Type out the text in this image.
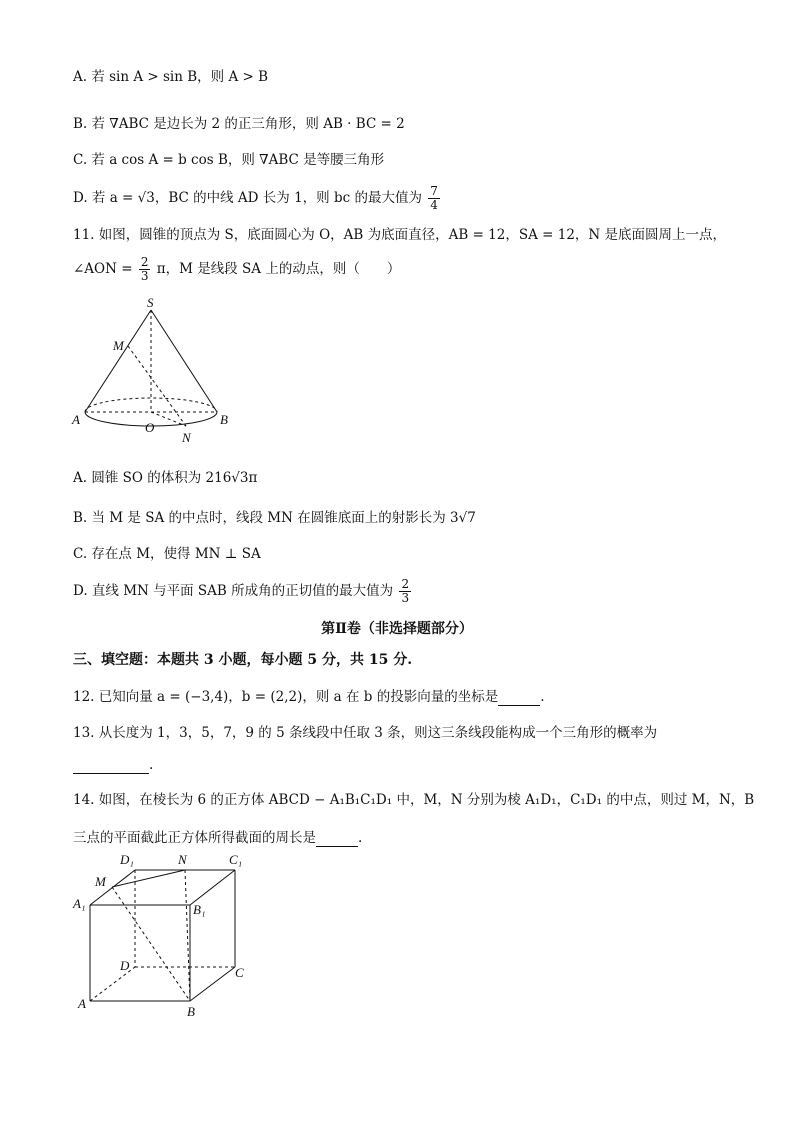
A. 若 sin A > sin B，则 A > B
B. 若 ∇ABC 是边长为 2 的正三角形，则 AB · BC = 2
C. 若 a cos A = b cos B，则 ∇ABC 是等腰三角形
D. 若 a = √3，BC 的中线 AD 长为 1，则 bc 的最大值为 $\frac{7}{4}$
11. 如图，圆锥的顶点为 S，底面圆心为 O，AB 为底面直径，AB = 12，SA = 12，N 是底面圆周上一点，
∠AON = $\frac{2}{3}$ π，M 是线段 SA 上的动点，则（　　）
S
M
A
O
N
B
A. 圆锥 SO 的体积为 216√3π
B. 当 M 是 SA 的中点时，线段 MN 在圆锥底面上的射影长为 3√7
C. 存在点 M，使得 MN ⊥ SA
D. 直线 MN 与平面 SAB 所成角的正切值的最大值为 $\frac{2}{3}$
第Ⅱ卷（非选择题部分）
三、填空题：本题共 3 小题，每小题 5 分，共 15 分.
12. 已知向量 a = (−3,4)，b = (2,2)，则 a 在 b 的投影向量的坐标是	.
13. 从长度为 1，3，5，7，9 的 5 条线段中任取 3 条，则这三条线段能构成一个三角形的概率为
.
14. 如图，在棱长为 6 的正方体 ABCD − A₁B₁C₁D₁ 中，M，N 分别为棱 A₁D₁，C₁D₁ 的中点，则过 M，N，B
三点的平面截此正方体所得截面的周长是	.
D₁	N	C₁
M
A₁	B₁
D	C
A
B
